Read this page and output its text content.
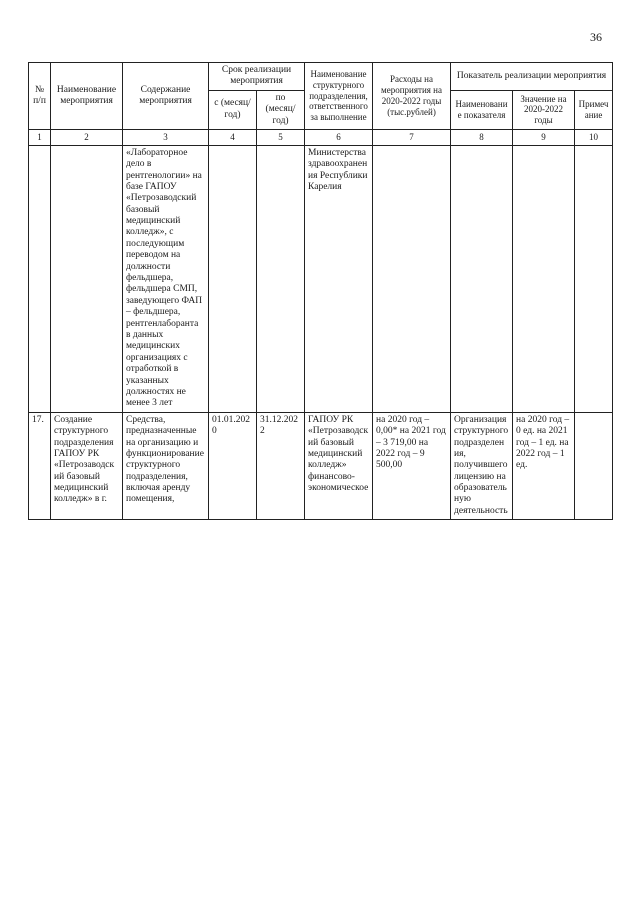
36
№ п/п	Наименование мероприятия	Содержание мероприятия	Срок реализации мероприятия		Наименование структурного подразделения, ответственного за выполнение	Расходы на мероприятия на 2020-2022 годы (тыс.рублей)	Показатель реализации мероприятия		
			с (месяц/ год)	по (месяц/ год)			Наименование показателя	Значение на 2020-2022 годы	Примечание
1	2	3	4	5	6	7	8	9	10
		«Лабораторное дело в рентгенологии» на базе ГАПОУ «Петрозаводский базовый медицинский колледж», с последующим переводом на должности фельдшера, фельдшера СМП, заведующего ФАП – фельдшера, рентгенлаборанта в данных медицинских организациях с отработкой в указанных должностях не менее 3 лет			Министерства здравоохранения Республики Карелия				
17.	Создание структурного подразделения ГАПОУ РК «Петрозаводский базовый медицинский колледж» в г.	Средства, предназначенные на организацию и функционирование структурного подразделения, включая аренду помещения,	01.01.2020	31.12.2022	ГАПОУ РК «Петрозаводский базовый медицинский колледж» финансово-экономическое	на 2020 год – 0,00* на 2021 год – 3 719,00 на 2022 год – 9 500,00	Организация структурного подразделения, получившего лицензию на образовательную деятельность	на 2020 год – 0 ед. на 2021 год – 1 ед. на 2022 год – 1 ед.	
